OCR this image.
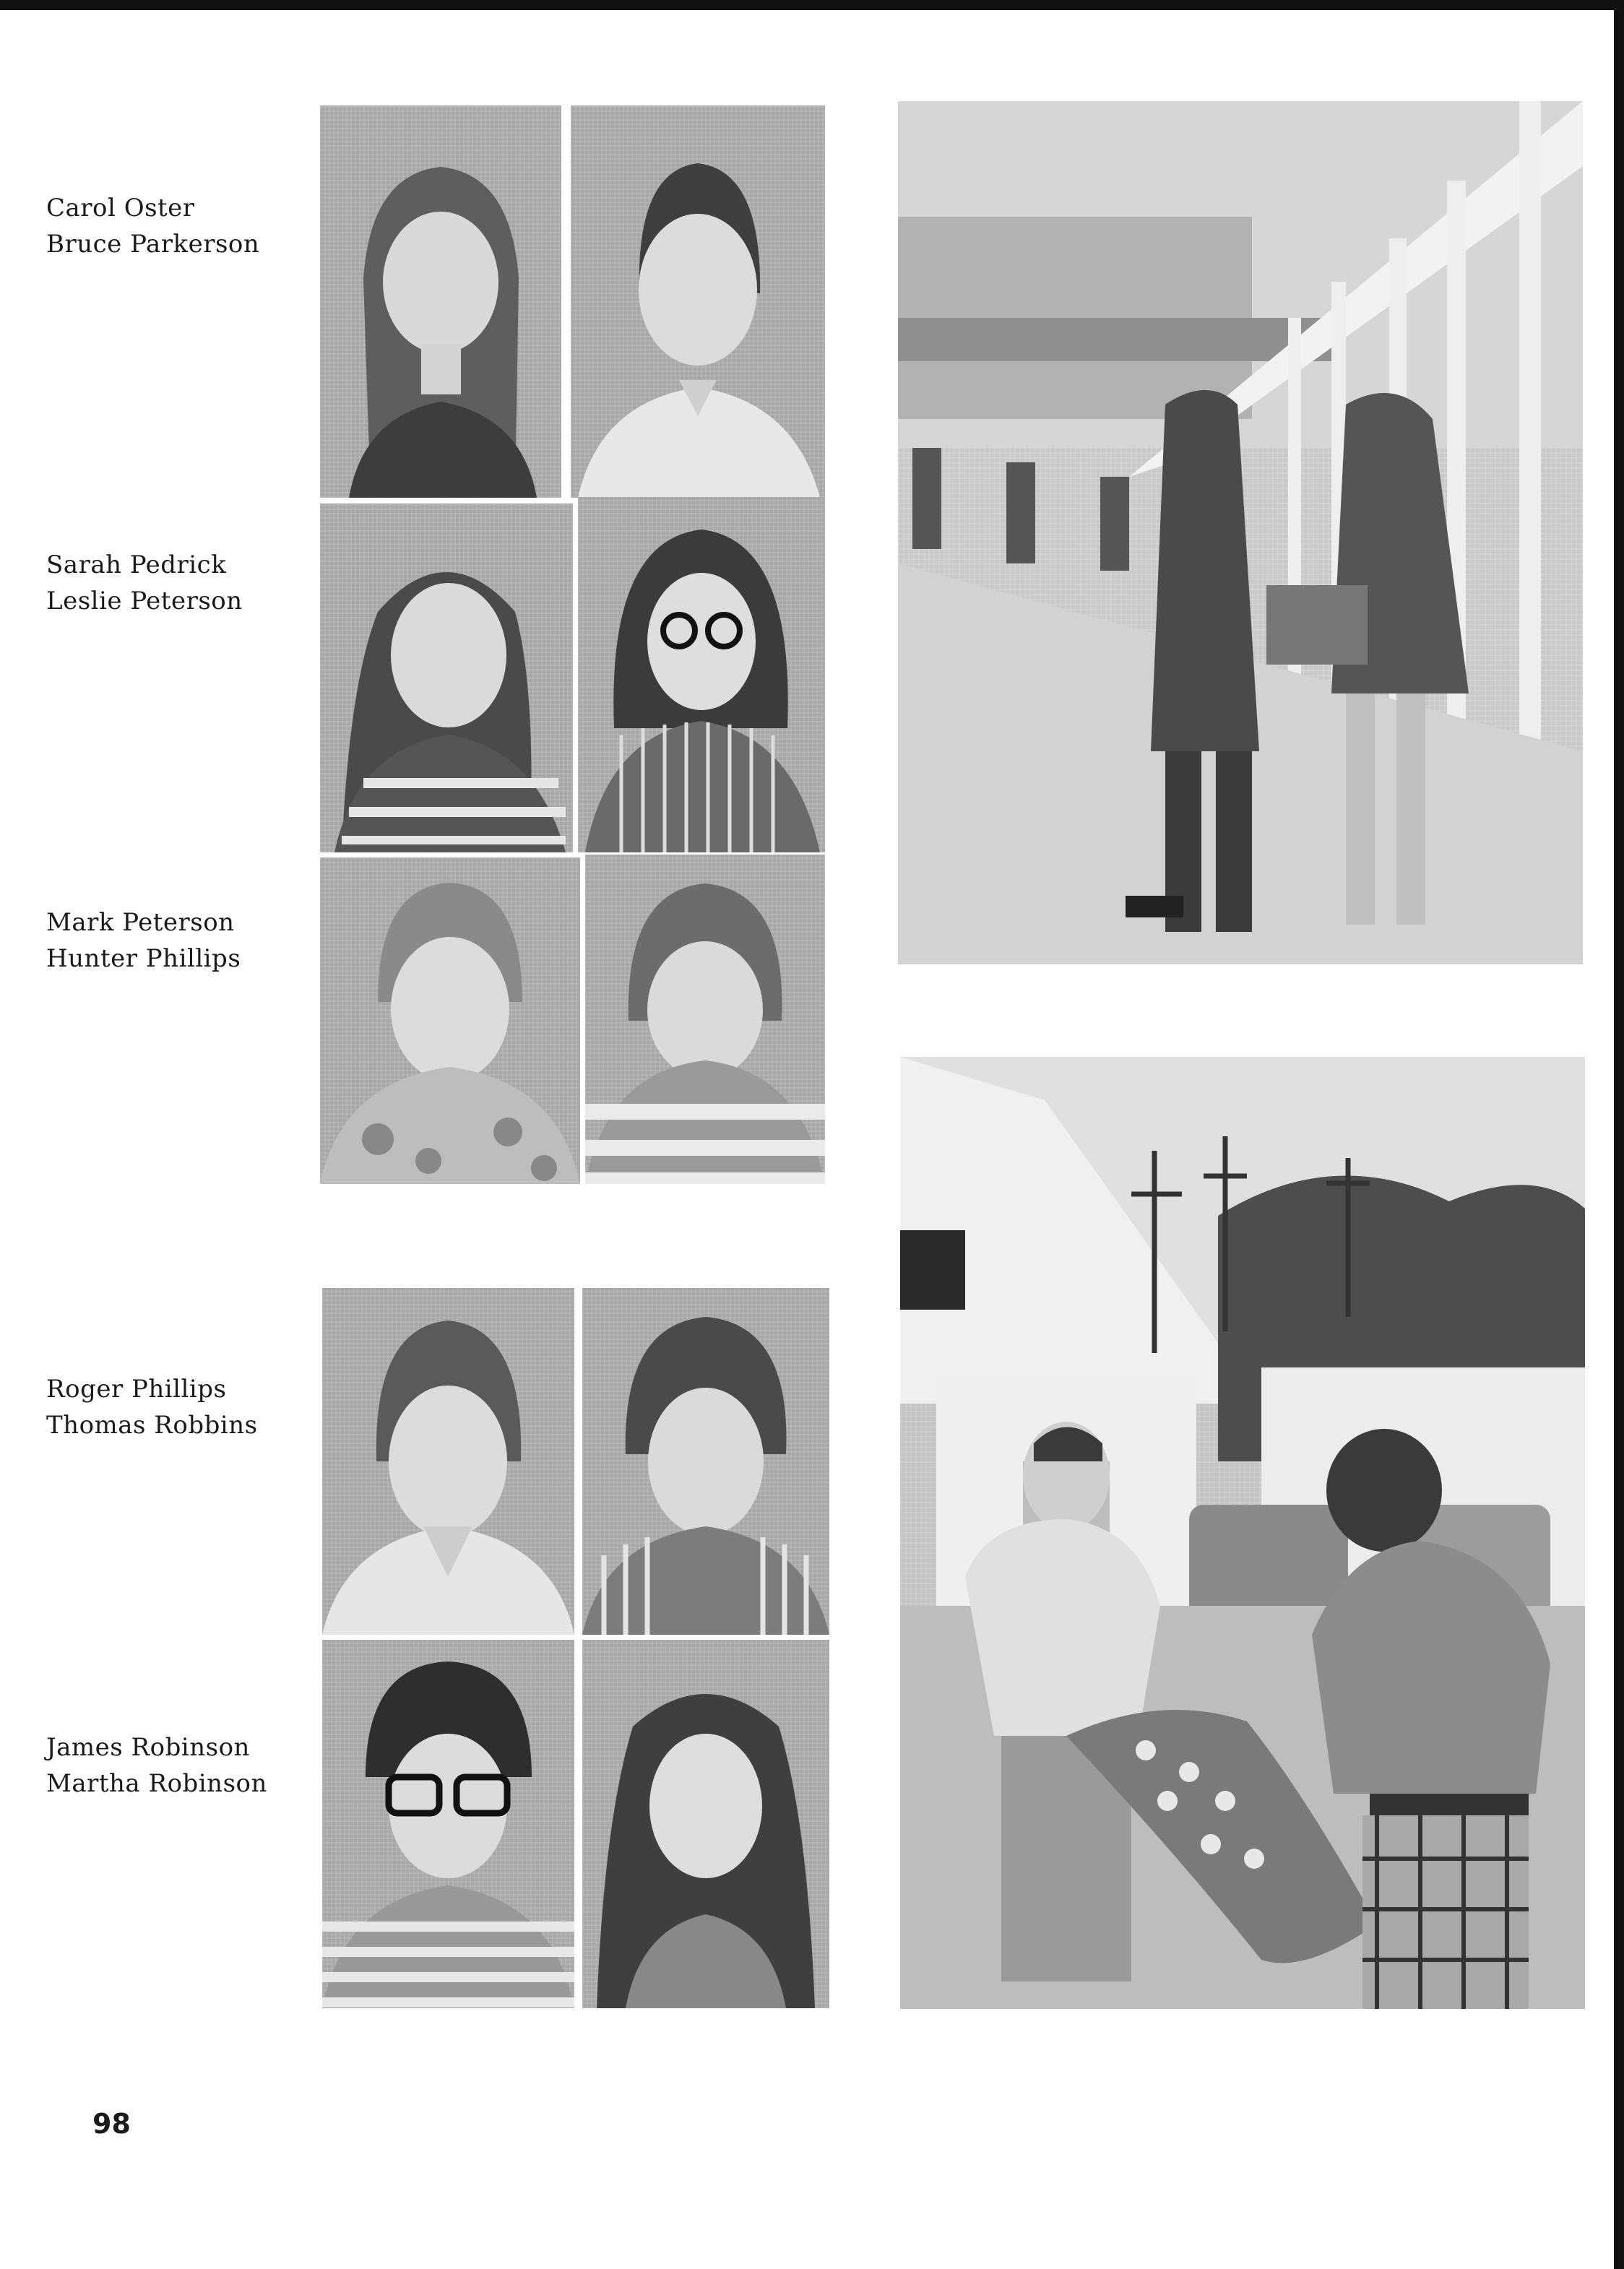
Carol Oster
Bruce Parkerson
Sarah Pedrick
Leslie Peterson
Mark Peterson
Hunter Phillips
Roger Phillips
Thomas Robbins
James Robinson
Martha Robinson
98
